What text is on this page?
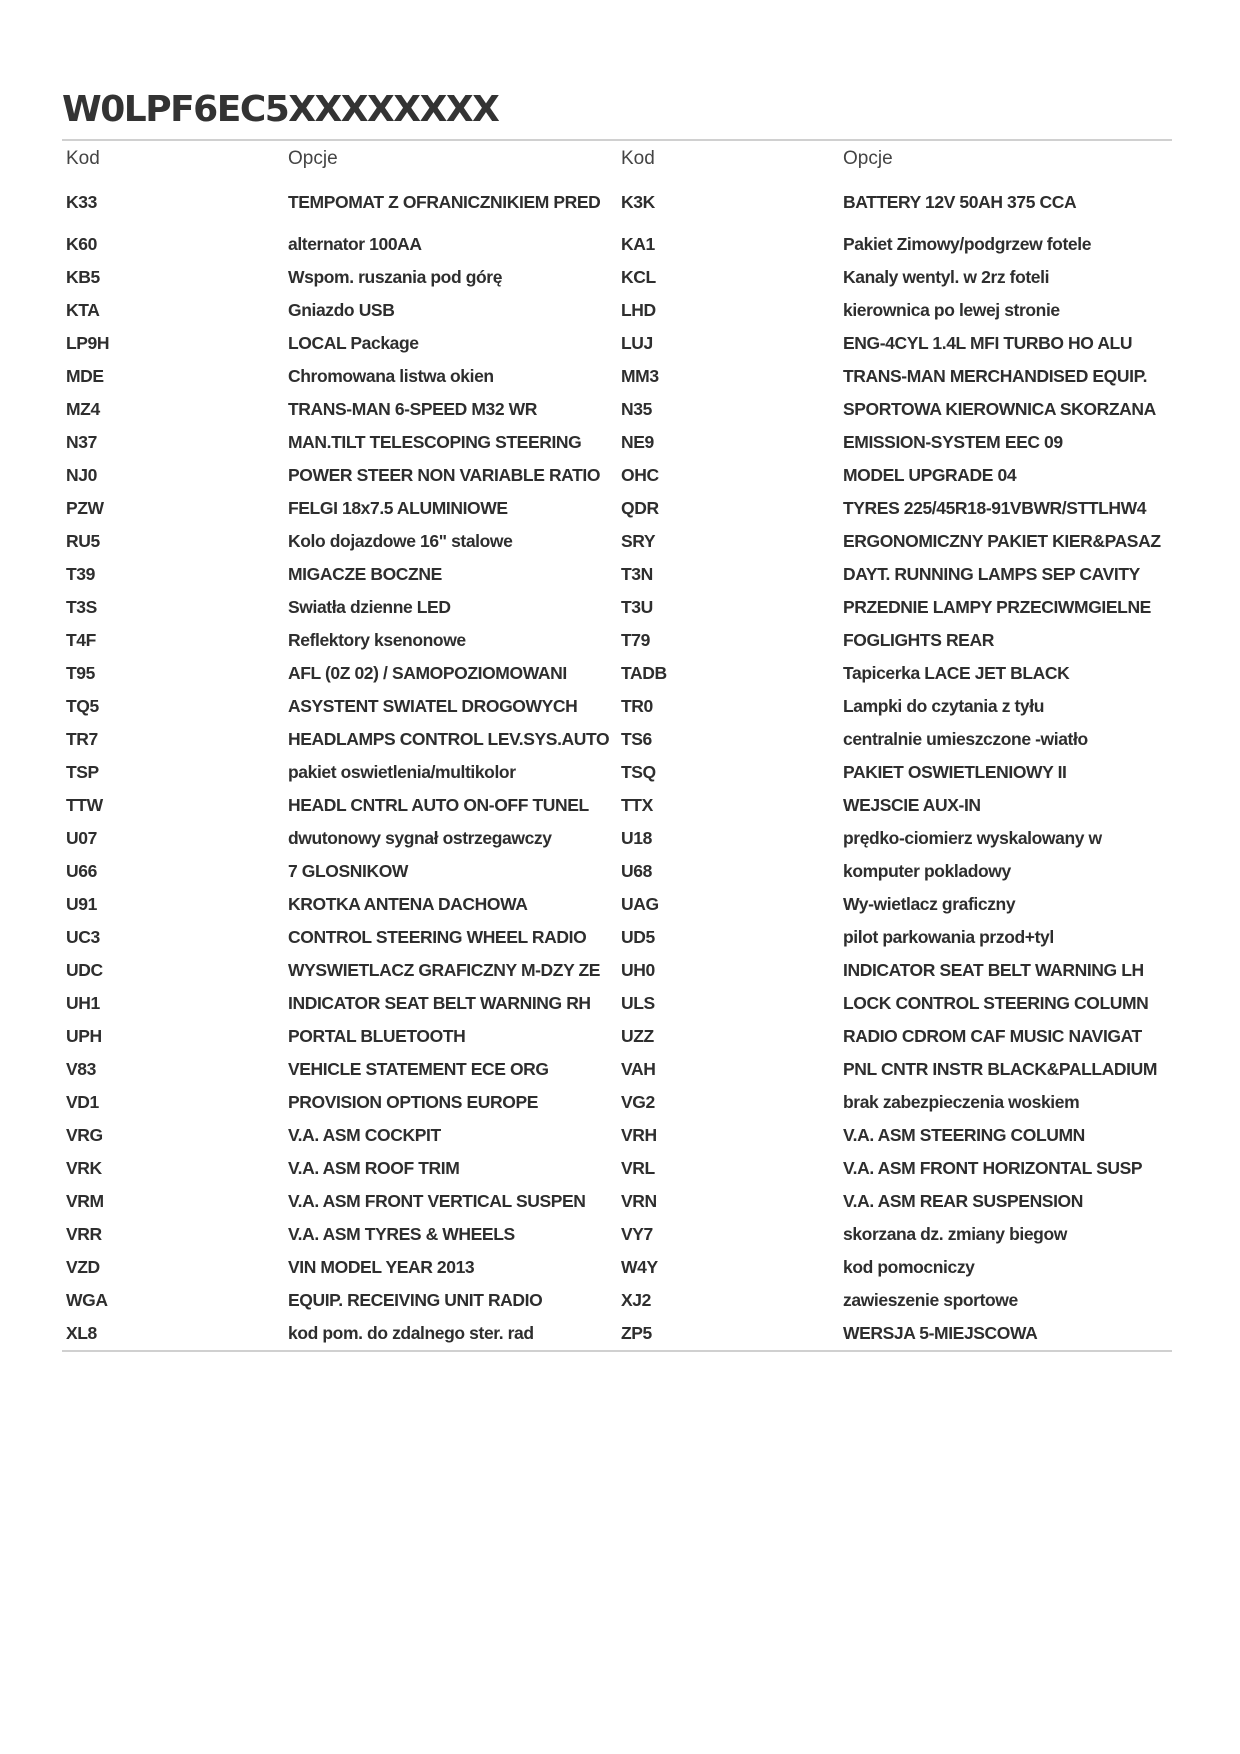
W0LPF6EC5XXXXXXXX
Kod	Opcje	Kod	Opcje
K33	TEMPOMAT Z OFRANICZNIKIEM PRED	K3K	BATTERY 12V 50AH 375 CCA
K60	alternator 100AA	KA1	Pakiet Zimowy/podgrzew fotele
KB5	Wspom. ruszania pod górę	KCL	Kanaly wentyl. w 2rz foteli
KTA	Gniazdo USB	LHD	kierownica po lewej stronie
LP9H	LOCAL Package	LUJ	ENG-4CYL 1.4L MFI TURBO HO ALU
MDE	Chromowana listwa okien	MM3	TRANS-MAN MERCHANDISED EQUIP.
MZ4	TRANS-MAN 6-SPEED M32 WR	N35	SPORTOWA KIEROWNICA SKORZANA
N37	MAN.TILT TELESCOPING STEERING	NE9	EMISSION-SYSTEM EEC 09
NJ0	POWER STEER NON VARIABLE RATIO	OHC	MODEL UPGRADE 04
PZW	FELGI 18x7.5 ALUMINIOWE	QDR	TYRES 225/45R18-91VBWR/STTLHW4
RU5	Kolo dojazdowe 16" stalowe	SRY	ERGONOMICZNY PAKIET KIER&PASAZ
T39	MIGACZE BOCZNE	T3N	DAYT. RUNNING LAMPS SEP CAVITY
T3S	Swiatła dzienne LED	T3U	PRZEDNIE LAMPY PRZECIWMGIELNE
T4F	Reflektory ksenonowe	T79	FOGLIGHTS REAR
T95	AFL (0Z 02) / SAMOPOZIOMOWANI	TADB	Tapicerka LACE JET BLACK
TQ5	ASYSTENT SWIATEL DROGOWYCH	TR0	Lampki do czytania z tyłu
TR7	HEADLAMPS CONTROL LEV.SYS.AUTO	TS6	centralnie umieszczone -wiatło
TSP	pakiet oswietlenia/multikolor	TSQ	PAKIET OSWIETLENIOWY II
TTW	HEADL CNTRL AUTO ON-OFF TUNEL	TTX	WEJSCIE AUX-IN
U07	dwutonowy sygnał ostrzegawczy	U18	prędko-ciomierz wyskalowany w
U66	7 GLOSNIKOW	U68	komputer pokladowy
U91	KROTKA ANTENA DACHOWA	UAG	Wy-wietlacz graficzny
UC3	CONTROL STEERING WHEEL RADIO	UD5	pilot parkowania przod+tyl
UDC	WYSWIETLACZ GRAFICZNY M-DZY ZE	UH0	INDICATOR SEAT BELT WARNING LH
UH1	INDICATOR SEAT BELT WARNING RH	ULS	LOCK CONTROL STEERING COLUMN
UPH	PORTAL BLUETOOTH	UZZ	RADIO CDROM CAF MUSIC NAVIGAT
V83	VEHICLE STATEMENT ECE ORG	VAH	PNL CNTR INSTR BLACK&PALLADIUM
VD1	PROVISION OPTIONS EUROPE	VG2	brak zabezpieczenia woskiem
VRG	V.A. ASM COCKPIT	VRH	V.A. ASM STEERING COLUMN
VRK	V.A. ASM ROOF TRIM	VRL	V.A. ASM FRONT HORIZONTAL SUSP
VRM	V.A. ASM FRONT VERTICAL SUSPEN	VRN	V.A. ASM REAR SUSPENSION
VRR	V.A. ASM TYRES & WHEELS	VY7	skorzana dz. zmiany biegow
VZD	VIN MODEL YEAR 2013	W4Y	kod pomocniczy
WGA	EQUIP. RECEIVING UNIT RADIO	XJ2	zawieszenie sportowe
XL8	kod pom. do zdalnego ster. rad	ZP5	WERSJA 5-MIEJSCOWA
